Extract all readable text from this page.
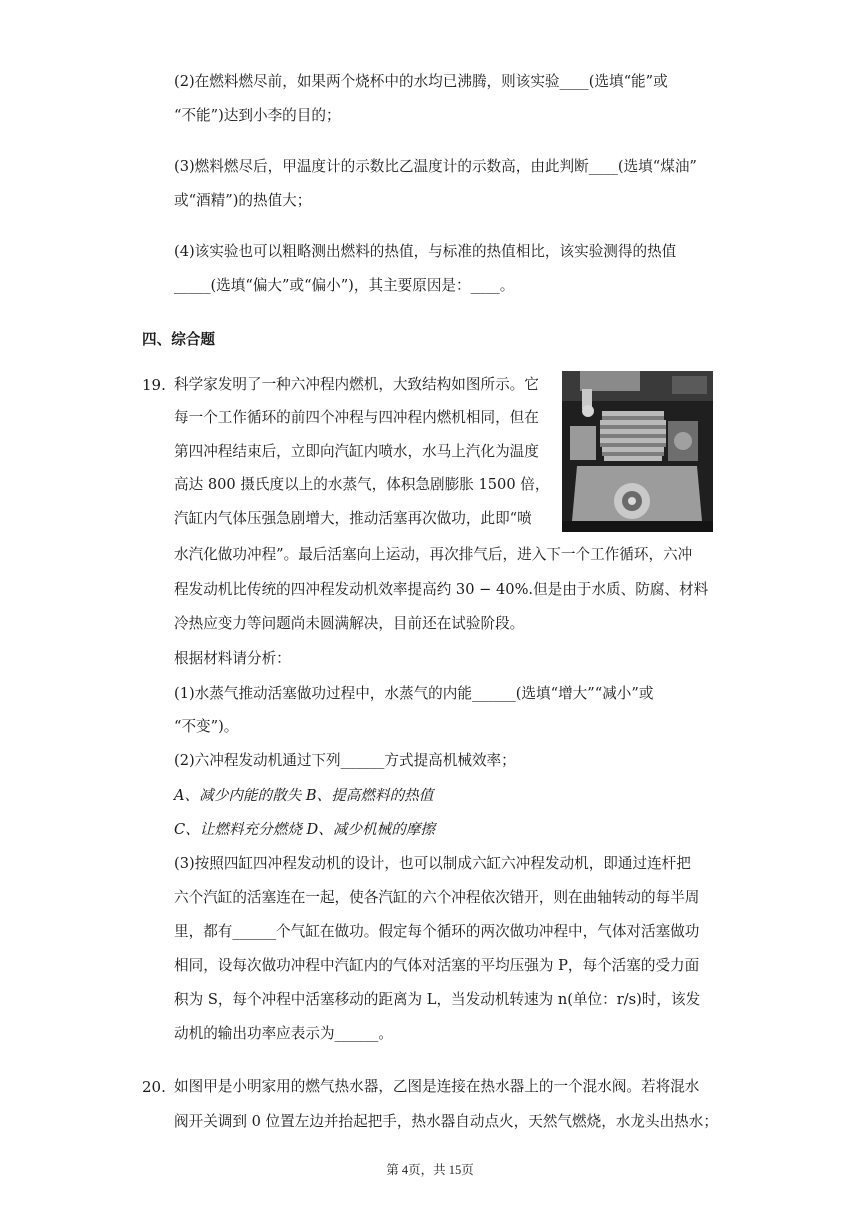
(2)在燃料燃尽前，如果两个烧杯中的水均已沸腾，则该实验____(选填“能”或
“不能”)达到小李的目的；
(3)燃料燃尽后，甲温度计的示数比乙温度计的示数高，由此判断____(选填“煤油”
或“酒精”)的热值大；
(4)该实验也可以粗略测出燃料的热值，与标准的热值相比，该实验测得的热值
_____(选填“偏大”或“偏小”)，其主要原因是：____。
四、综合题
19. 科学家发明了一种六冲程内燃机，大致结构如图所示。它
每一个工作循环的前四个冲程与四冲程内燃机相同，但在
第四冲程结束后，立即向汽缸内喷水，水马上汽化为温度
高达 800 摄氏度以上的水蒸气，体积急剧膨胀 1500 倍，
汽缸内气体压强急剧增大，推动活塞再次做功，此即“喷
水汽化做功冲程”。最后活塞向上运动，再次排气后，进入下一个工作循环，六冲
程发动机比传统的四冲程发动机效率提高约 30 − 40%.但是由于水质、防腐、材料
冷热应变力等问题尚未圆满解决，目前还在试验阶段。
根据材料请分析：
(1)水蒸气推动活塞做功过程中，水蒸气的内能______(选填“增大”“减小”或
“不变”)。
(2)六冲程发动机通过下列______方式提高机械效率；
A、减少内能的散失 B、提高燃料的热值
C、让燃料充分燃烧 D、减少机械的摩擦
(3)按照四缸四冲程发动机的设计，也可以制成六缸六冲程发动机，即通过连杆把
六个汽缸的活塞连在一起，使各汽缸的六个冲程依次错开，则在曲轴转动的每半周
里，都有______个气缸在做功。假定每个循环的两次做功冲程中，气体对活塞做功
相同，设每次做功冲程中汽缸内的气体对活塞的平均压强为 P，每个活塞的受力面
积为 S，每个冲程中活塞移动的距离为 L，当发动机转速为 n(单位：r/s)时，该发
动机的输出功率应表示为______。
20. 如图甲是小明家用的燃气热水器，乙图是连接在热水器上的一个混水阀。若将混水
阀开关调到 0 位置左边并抬起把手，热水器自动点火，天然气燃烧，水龙头出热水；
第 4页，共 15页
